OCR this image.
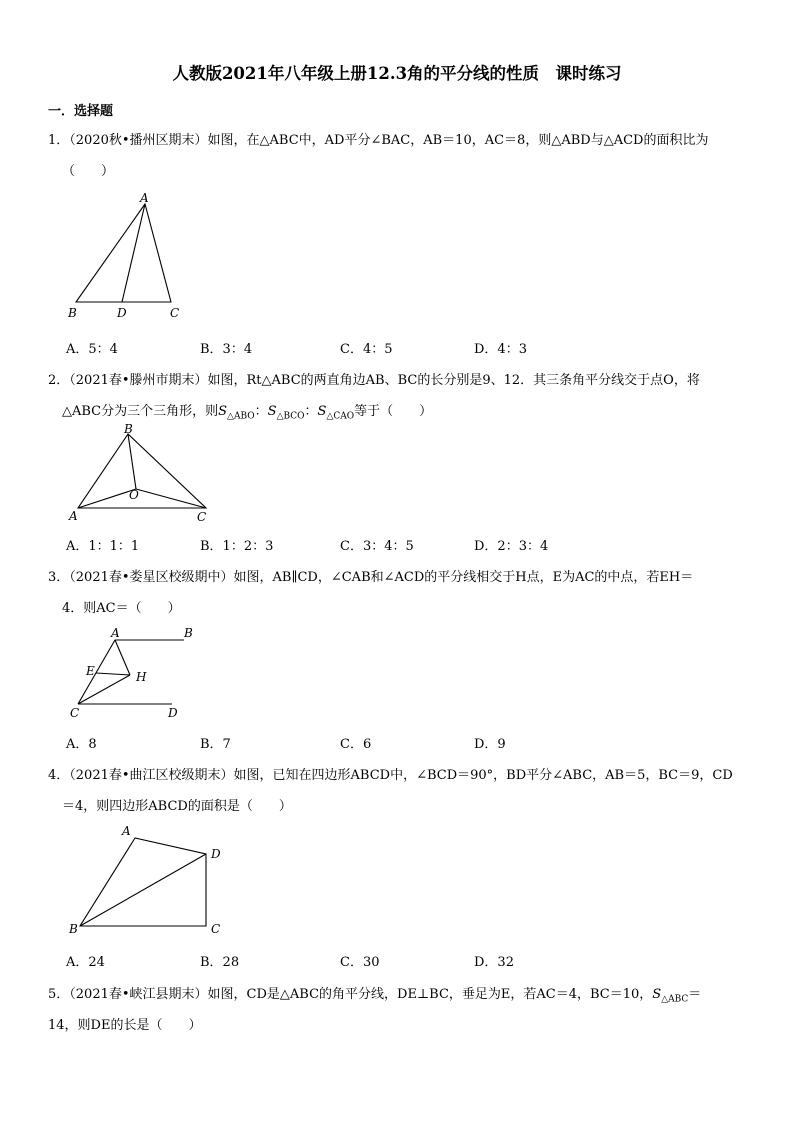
人教版2021年八年级上册12.3角的平分线的性质　课时练习
一．选择题
1．（2020秋•播州区期末）如图，在△ABC中，AD平分∠BAC，AB＝10，AC＝8，则△ABD与△ACD的面积比为
（　　）
A
B	D	C
A．5：4	B．3：4	C．4：5	D．4：3
2．（2021春•滕州市期末）如图，Rt△ABC的两直角边AB、BC的长分别是9、12．其三条角平分线交于点O，将
△ABC分为三个三角形，则$S_{\triangle ABO}$：$S_{\triangle BCO}$：$S_{\triangle CAO}$等于（　　）
B
A	C
O
A．1：1：1	B．1：2：3	C．3：4：5	D．2：3：4
3．（2021春•娄星区校级期中）如图，AB∥CD，∠CAB和∠ACD的平分线相交于H点，E为AC的中点，若EH＝
4．则AC＝（　　）
A	B
E	H
C	D
A．8	B．7	C．6	D．9
4．（2021春•曲江区校级期末）如图，已知在四边形ABCD中，∠BCD＝90°，BD平分∠ABC，AB＝5，BC＝9，CD
＝4，则四边形ABCD的面积是（　　）
A
D
B	C
A．24	B．28	C．30	D．32
5．（2021春•峡江县期末）如图，CD是△ABC的角平分线，DE⊥BC，垂足为E，若AC＝4，BC＝10，$S_{\triangle ABC}=$
14，则DE的长是（　　）
